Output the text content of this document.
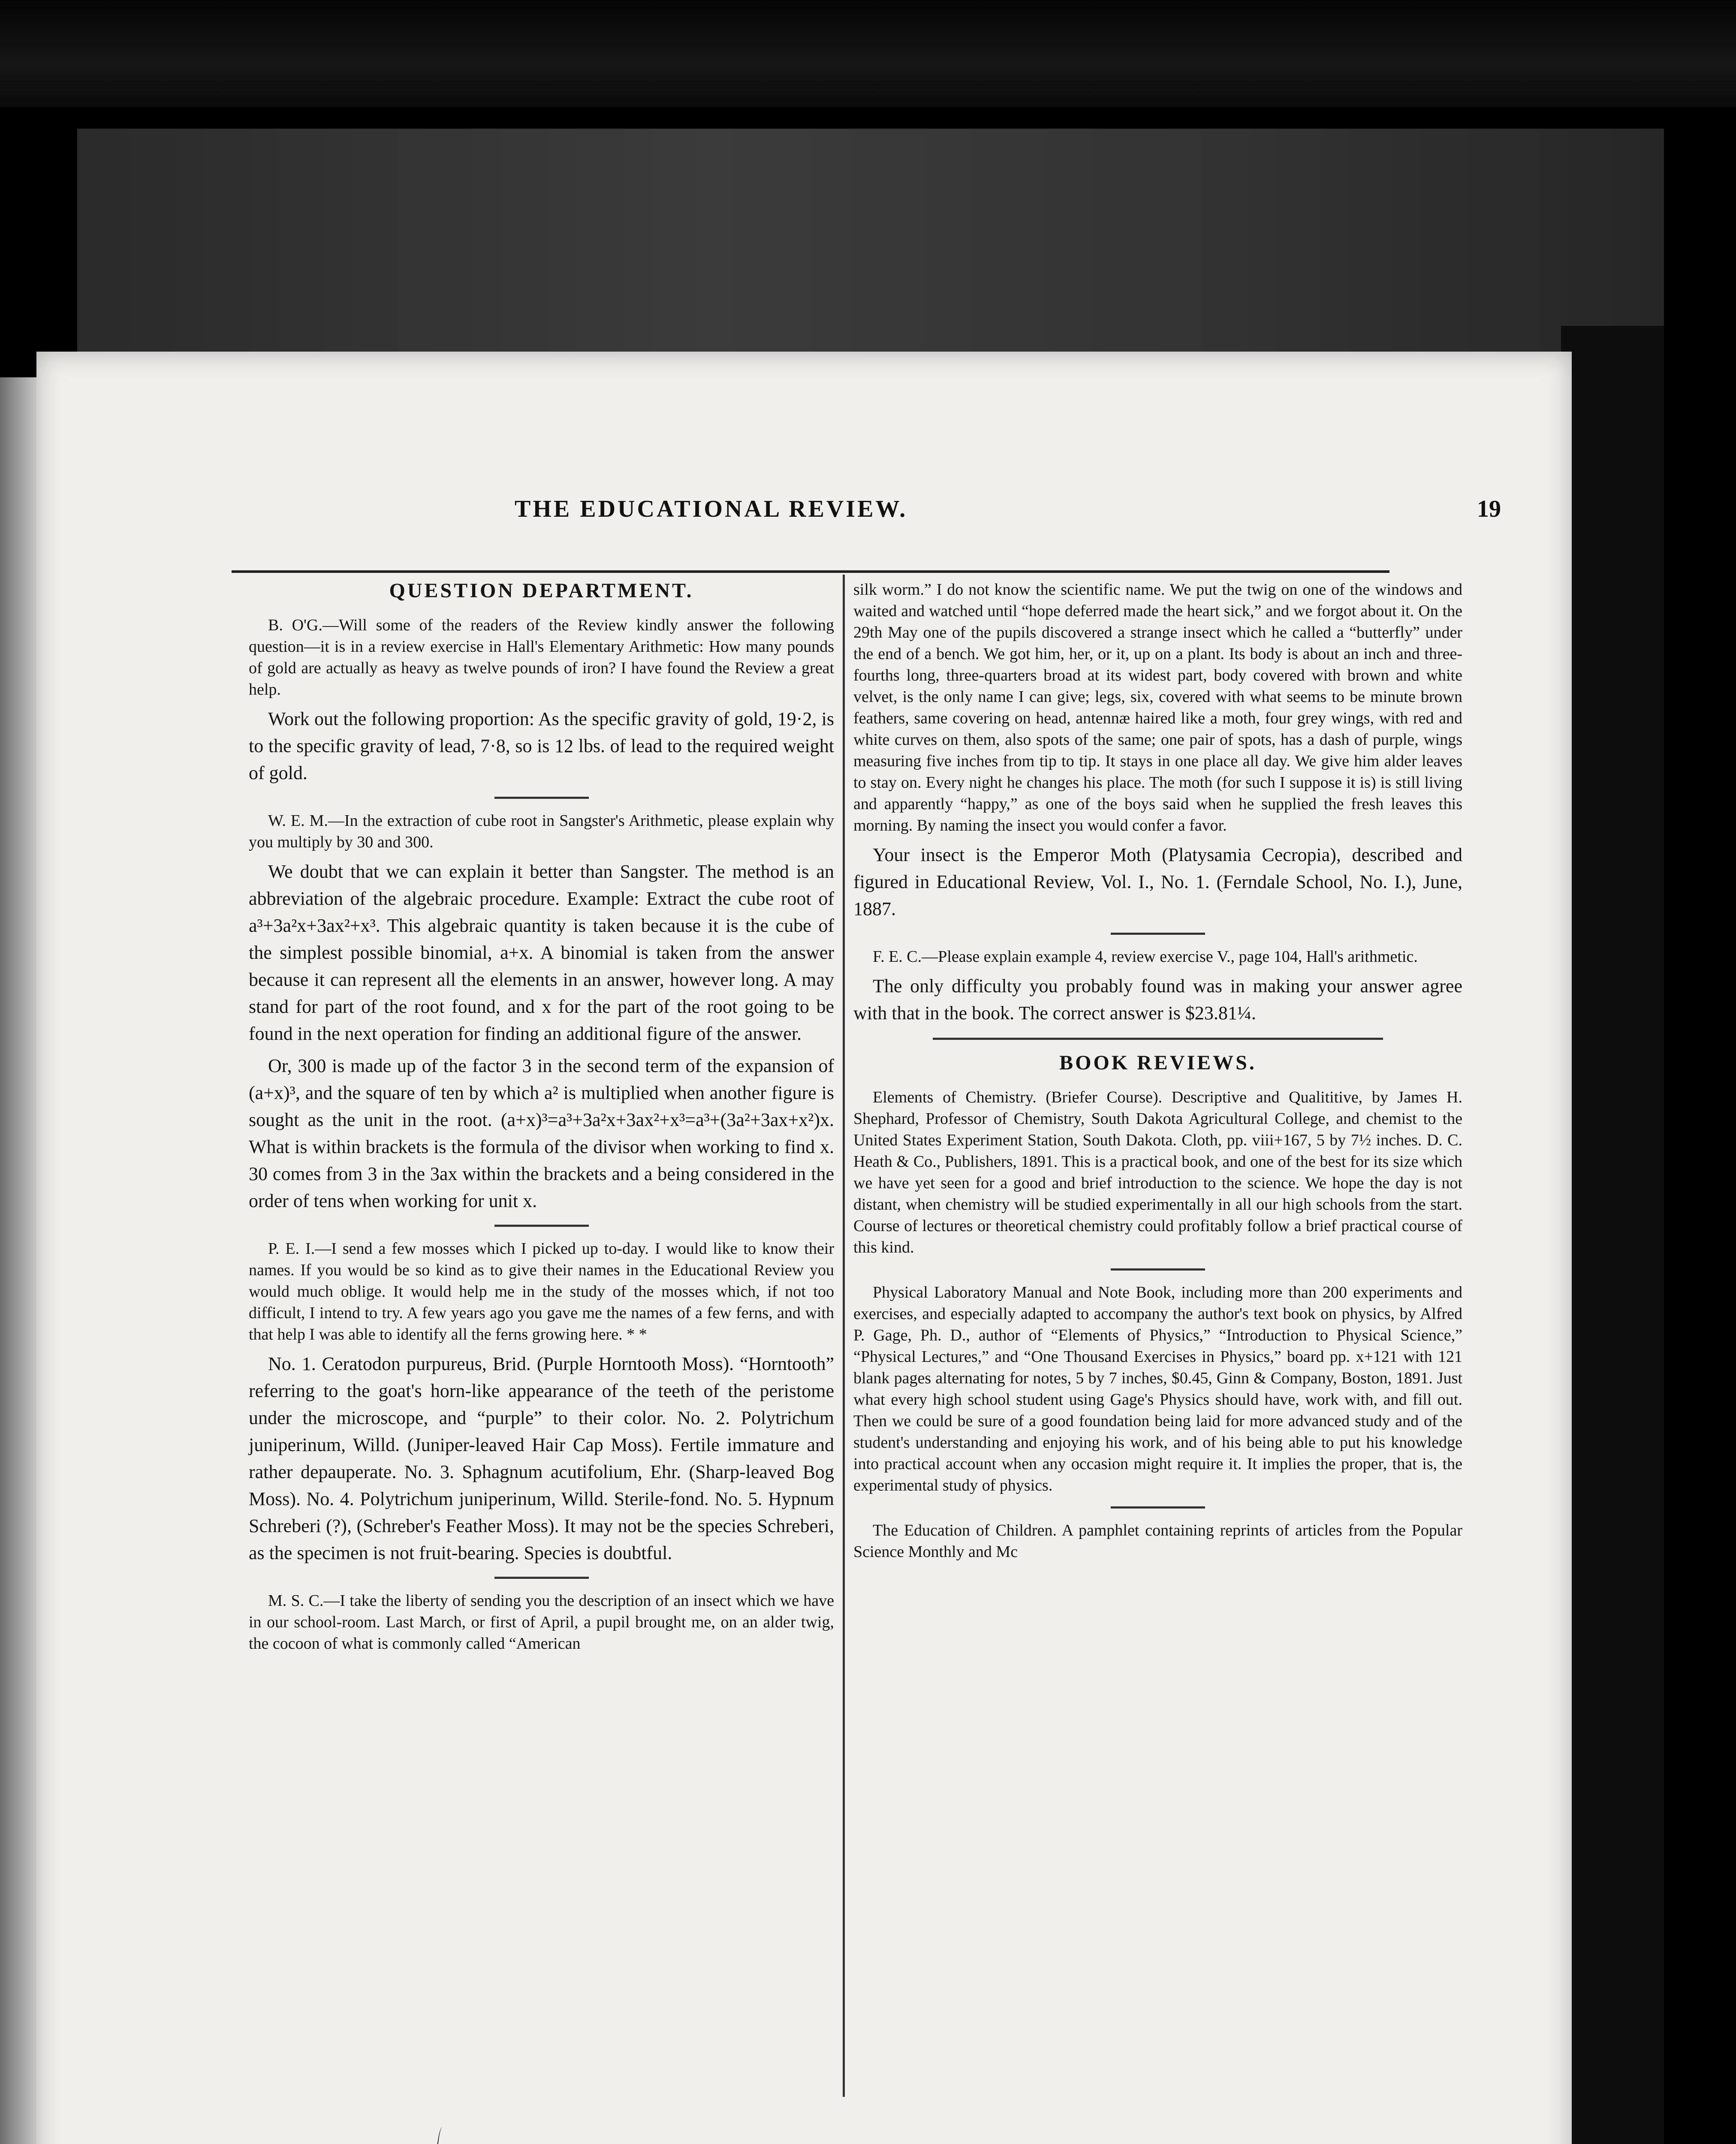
THE EDUCATIONAL REVIEW.	19
QUESTION DEPARTMENT.

B. O'G.—Will some of the readers of the Review kindly answer the following question—it is in a review exercise in Hall's Elementary Arithmetic: How many pounds of gold are actually as heavy as twelve pounds of iron? I have found the Review a great help.

Work out the following proportion: As the specific gravity of gold, 19·2, is to the specific gravity of lead, 7·8, so is 12 lbs. of lead to the required weight of gold.

W. E. M.—In the extraction of cube root in Sangster's Arithmetic, please explain why you multiply by 30 and 300.

We doubt that we can explain it better than Sangster. The method is an abbreviation of the algebraic procedure. Example: Extract the cube root of a³+3a²x+3ax²+x³. This algebraic quantity is taken because it is the cube of the simplest possible binomial, a+x. A binomial is taken from the answer because it can represent all the elements in an answer, however long. A may stand for part of the root found, and x for the part of the root going to be found in the next operation for finding an additional figure of the answer.

Or, 300 is made up of the factor 3 in the second term of the expansion of (a+x)³, and the square of ten by which a² is multiplied when another figure is sought as the unit in the root. (a+x)³=a³+3a²x+3ax²+x³=a³+(3a²+3ax+x²)x. What is within brackets is the formula of the divisor when working to find x. 30 comes from 3 in the 3ax within the brackets and a being considered in the order of tens when working for unit x.

P. E. I.—I send a few mosses which I picked up to-day. I would like to know their names. If you would be so kind as to give their names in the Educational Review you would much oblige. It would help me in the study of the mosses which, if not too difficult, I intend to try. A few years ago you gave me the names of a few ferns, and with that help I was able to identify all the ferns growing here. * *

No. 1. Ceratodon purpureus, Brid. (Purple Horntooth Moss). “Horntooth” referring to the goat's horn-like appearance of the teeth of the peristome under the microscope, and “purple” to their color. No. 2. Polytrichum juniperinum, Willd. (Juniper-leaved Hair Cap Moss). Fertile immature and rather depauperate. No. 3. Sphagnum acutifolium, Ehr. (Sharp-leaved Bog Moss). No. 4. Polytrichum juniperinum, Willd. Sterile-fond. No. 5. Hypnum Schreberi (?), (Schreber's Feather Moss). It may not be the species Schreberi, as the specimen is not fruit-bearing. Species is doubtful.

M. S. C.—I take the liberty of sending you the description of an insect which we have in our school-room. Last March, or first of April, a pupil brought me, on an alder twig, the cocoon of what is commonly called “American

silk worm.” I do not know the scientific name. We put the twig on one of the windows and waited and watched until “hope deferred made the heart sick,” and we forgot about it. On the 29th May one of the pupils discovered a strange insect which he called a “butterfly” under the end of a bench. We got him, her, or it, up on a plant. Its body is about an inch and three-fourths long, three-quarters broad at its widest part, body covered with brown and white velvet, is the only name I can give; legs, six, covered with what seems to be minute brown feathers, same covering on head, antennæ haired like a moth, four grey wings, with red and white curves on them, also spots of the same; one pair of spots, has a dash of purple, wings measuring five inches from tip to tip. It stays in one place all day. We give him alder leaves to stay on. Every night he changes his place. The moth (for such I suppose it is) is still living and apparently “happy,” as one of the boys said when he supplied the fresh leaves this morning. By naming the insect you would confer a favor.

Your insect is the Emperor Moth (Platysamia Cecropia), described and figured in Educational Review, Vol. I., No. 1. (Ferndale School, No. I.), June, 1887.

F. E. C.—Please explain example 4, review exercise V., page 104, Hall's arithmetic.

The only difficulty you probably found was in making your answer agree with that in the book. The correct answer is $23.81¼.

BOOK REVIEWS.

Elements of Chemistry. (Briefer Course). Descriptive and Qualititive, by James H. Shephard, Professor of Chemistry, South Dakota Agricultural College, and chemist to the United States Experiment Station, South Dakota. Cloth, pp. viii+167, 5 by 7½ inches. D. C. Heath & Co., Publishers, 1891. This is a practical book, and one of the best for its size which we have yet seen for a good and brief introduction to the science. We hope the day is not distant, when chemistry will be studied experimentally in all our high schools from the start. Course of lectures or theoretical chemistry could profitably follow a brief practical course of this kind.

Physical Laboratory Manual and Note Book, including more than 200 experiments and exercises, and especially adapted to accompany the author's text book on physics, by Alfred P. Gage, Ph. D., author of “Elements of Physics,” “Introduction to Physical Science,” “Physical Lectures,” and “One Thousand Exercises in Physics,” board pp. x+121 with 121 blank pages alternating for notes, 5 by 7 inches, $0.45, Ginn & Company, Boston, 1891. Just what every high school student using Gage's Physics should have, work with, and fill out. Then we could be sure of a good foundation being laid for more advanced study and of the student's understanding and enjoying his work, and of his being able to put his knowledge into practical account when any occasion might require it. It implies the proper, that is, the experimental study of physics.

The Education of Children. A pamphlet containing reprints of articles from the Popular Science Monthly and Mc
